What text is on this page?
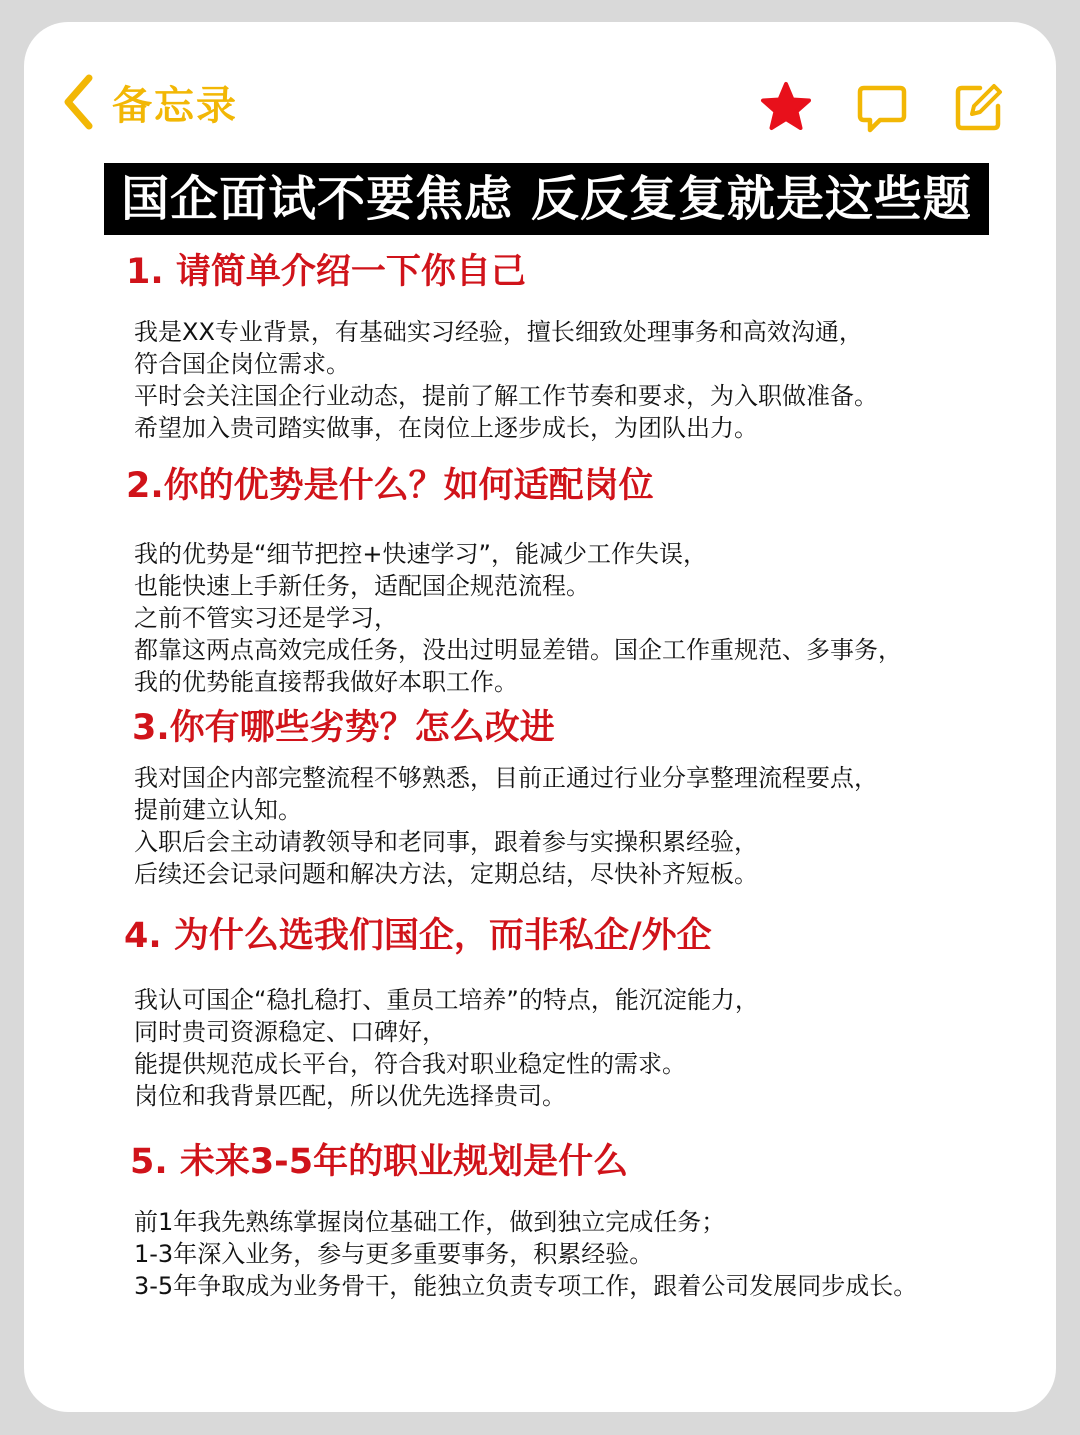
备忘录
国企面试不要焦虑 反反复复就是这些题
1. 请简单介绍一下你自己

我是XX专业背景，有基础实习经验，擅长细致处理事务和高效沟通，

符合国企岗位需求。

平时会关注国企行业动态，提前了解工作节奏和要求，为入职做准备。

希望加入贵司踏实做事，在岗位上逐步成长，为团队出力。

2.你的优势是什么？如何适配岗位

我的优势是“细节把控+快速学习”，能减少工作失误，

也能快速上手新任务，适配国企规范流程。

之前不管实习还是学习，

都靠这两点高效完成任务，没出过明显差错。国企工作重规范、多事务，

我的优势能直接帮我做好本职工作。

3.你有哪些劣势？怎么改进

我对国企内部完整流程不够熟悉，目前正通过行业分享整理流程要点，

提前建立认知。

入职后会主动请教领导和老同事，跟着参与实操积累经验，

后续还会记录问题和解决方法，定期总结，尽快补齐短板。

4. 为什么选我们国企，而非私企/外企

我认可国企“稳扎稳打、重员工培养”的特点，能沉淀能力，

同时贵司资源稳定、口碑好，

能提供规范成长平台，符合我对职业稳定性的需求。

岗位和我背景匹配，所以优先选择贵司。

5. 未来3-5年的职业规划是什么

前1年我先熟练掌握岗位基础工作，做到独立完成任务；

1-3年深入业务，参与更多重要事务，积累经验。

3-5年争取成为业务骨干，能独立负责专项工作，跟着公司发展同步成长。
